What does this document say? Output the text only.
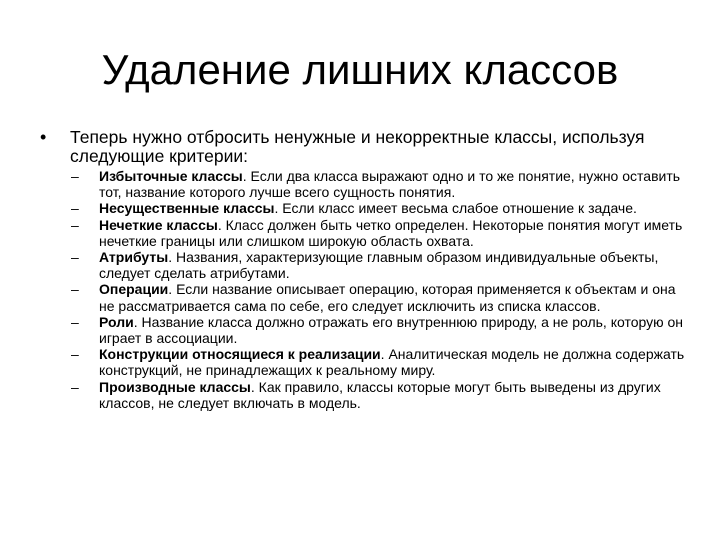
Удаление лишних классов
•	Теперь нужно отбросить ненужные и некорректные классы, используя следующие критерии:
–	Избыточные классы. Если два класса выражают одно и то же понятие, нужно оставить тот, название которого лучше всего сущность понятия.
–	Несущественные классы. Если класс имеет весьма слабое отношение к задаче.
–	Нечеткие классы. Класс должен быть четко определен. Некоторые понятия могут иметь нечеткие границы или слишком широкую область охвата.
–	Атрибуты. Названия, характеризующие главным образом индивидуальные объекты, следует сделать атрибутами.
–	Операции. Если название описывает операцию, которая применяется к объектам и она не рассматривается сама по себе, его следует исключить из списка классов.
–	Роли. Название класса должно отражать его внутреннюю природу, а не роль, которую он играет в ассоциации.
–	Конструкции относящиеся к реализации. Аналитическая модель не должна содержать конструкций, не принадлежащих к реальному миру.
–	Производные классы. Как правило, классы которые могут быть выведены из других классов, не следует включать в модель.
